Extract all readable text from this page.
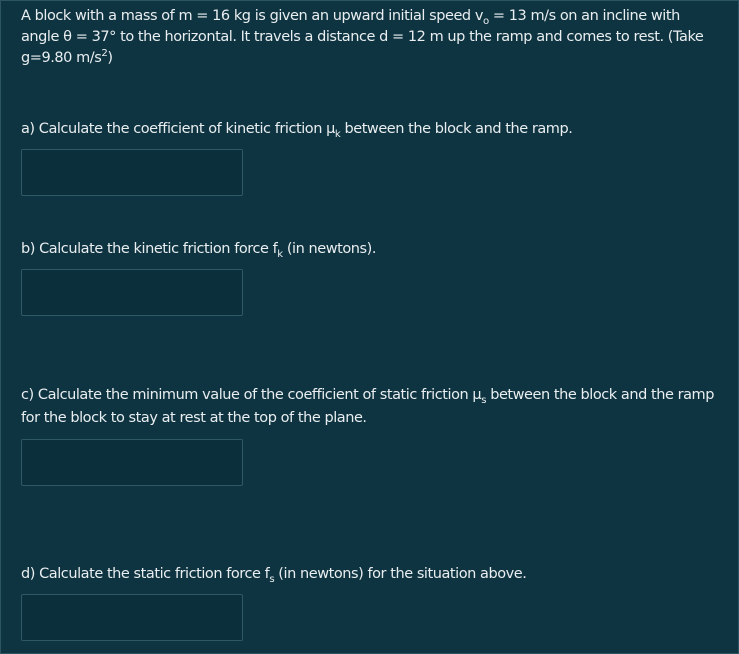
A block with a mass of m = 16 kg is given an upward initial speed $v_o = 13$ m/s on an incline with angle θ = 37° to the horizontal. It travels a distance d = 12 m up the ramp and comes to rest. (Take g=9.80 $m/s^2$)
a) Calculate the coefficient of kinetic friction $\mu_k$ between the block and the ramp.
b) Calculate the kinetic friction force $f_k$ (in newtons).
c) Calculate the minimum value of the coefficient of static friction $\mu_s$ between the block and the ramp for the block to stay at rest at the top of the plane.
d) Calculate the static friction force $f_s$ (in newtons) for the situation above.
